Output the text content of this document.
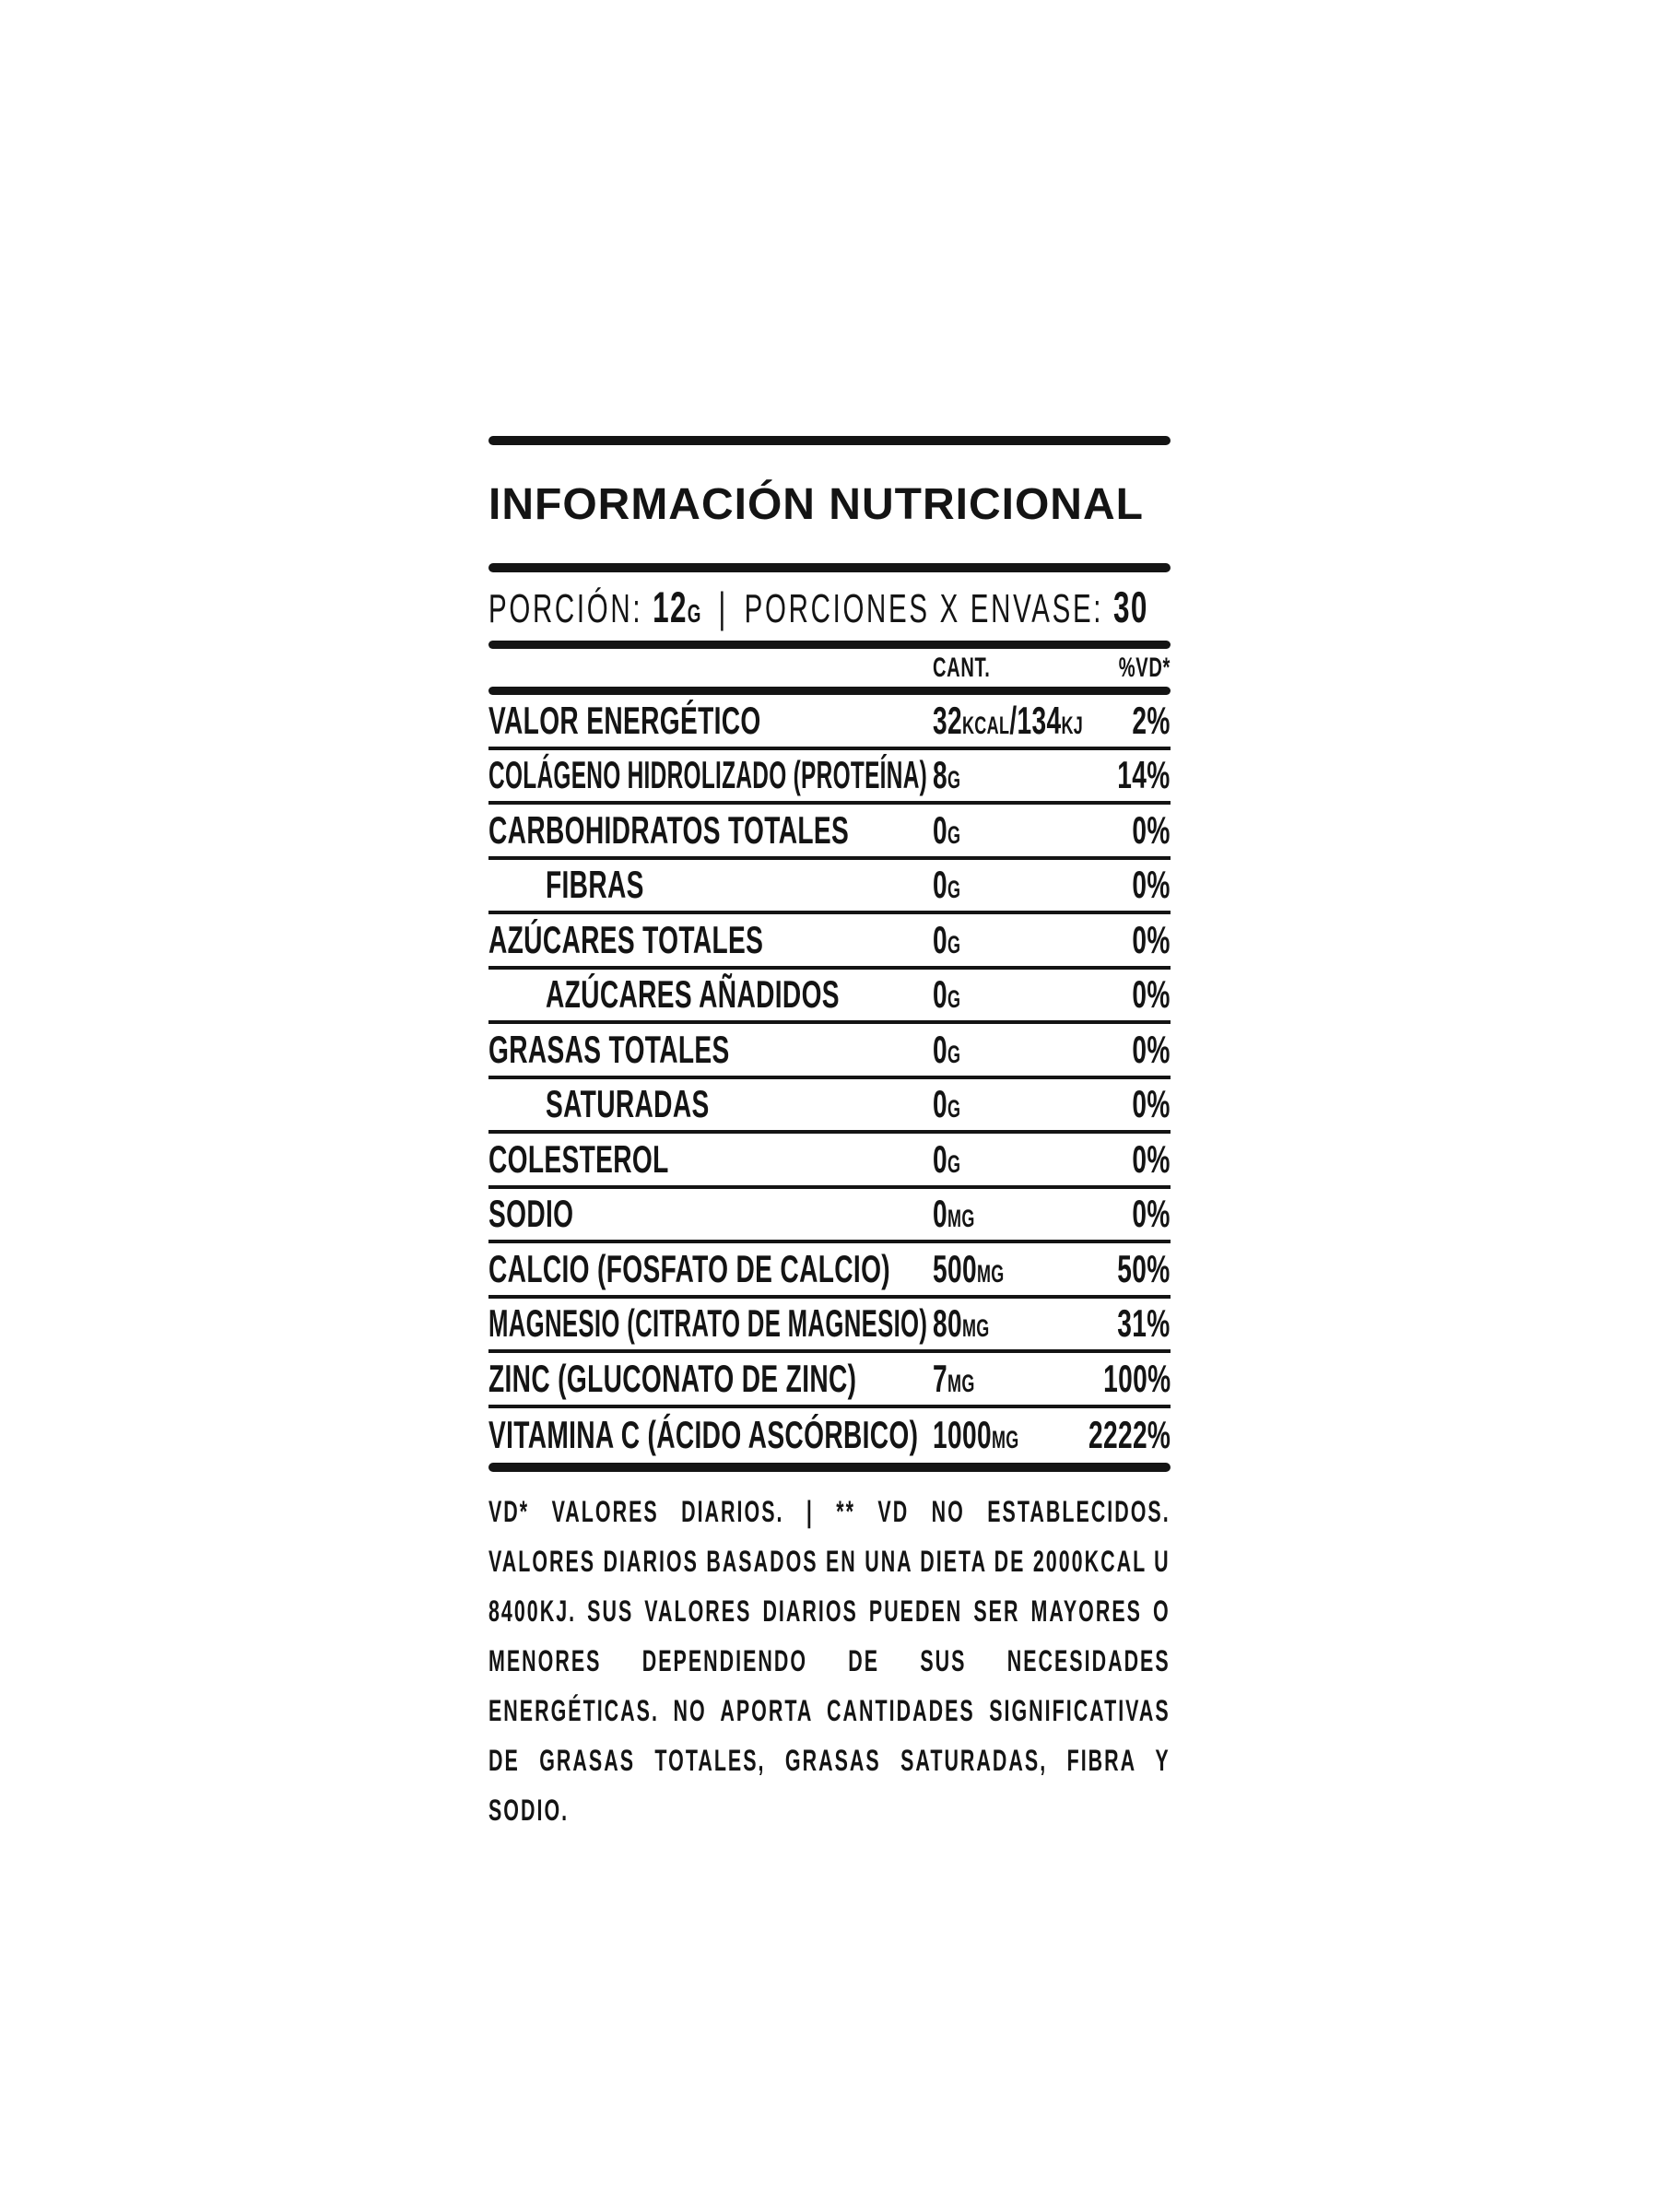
INFORMACIÓN NUTRICIONAL
PORCIÓN: 12G | PORCIONES X ENVASE: 30
CANT.	%VD*
VALOR ENERGÉTICO	32KCAL/134KJ	2%
COLÁGENO HIDROLIZADO (PROTEÍNA) 8G	14%
CARBOHIDRATOS TOTALES	0G	0%
FIBRAS	0G	0%
AZÚCARES TOTALES	0G	0%
AZÚCARES AÑADIDOS	0G	0%
GRASAS TOTALES	0G	0%
SATURADAS	0G	0%
COLESTEROL	0G	0%
SODIO	0MG	0%
CALCIO (FOSFATO DE CALCIO)	500MG	50%
MAGNESIO (CITRATO DE MAGNESIO) 80MG	31%
ZINC (GLUCONATO DE ZINC)	7MG	100%
VITAMINA C (ÁCIDO ASCÓRBICO) 1000MG	2222%

VD* VALORES DIARIOS. | ** VD NO ESTABLECIDOS. VALORES DIARIOS BASADOS EN UNA DIETA DE 2000KCAL U 8400KJ. SUS VALORES DIARIOS PUEDEN SER MAYORES O MENORES DEPENDIENDO DE SUS NECESIDADES ENERGÉTICAS. NO APORTA CANTIDADES SIGNIFICATIVAS DE GRASAS TOTALES, GRASAS SATURADAS, FIBRA Y SODIO.
